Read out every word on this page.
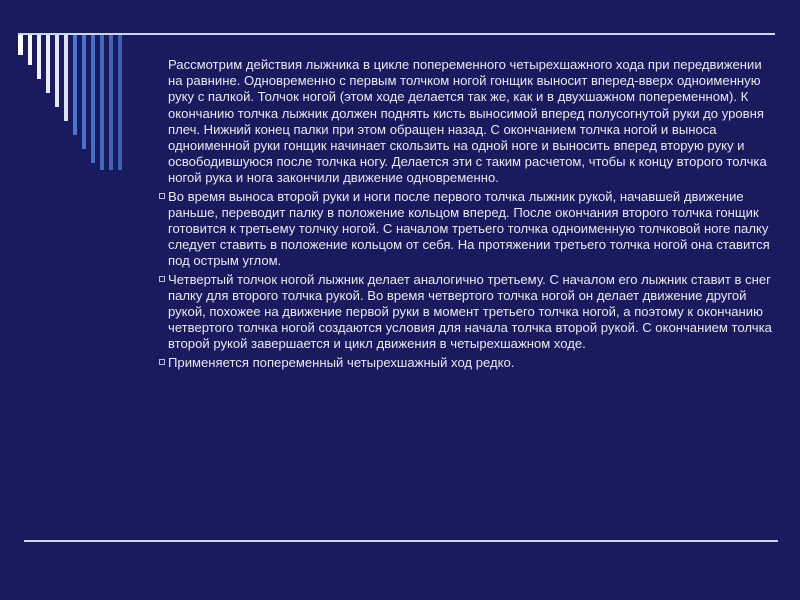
Рассмотрим действия лыжника в цикле попеременного четырехшажного хода при передвижении на равнине. Одновременно с первым толчком ногой гонщик выносит вперед-вверх одноименную руку с палкой. Толчок ногой (этом ходе делается так же, как и в двухшажном попеременном). К окончанию толчка лыжник должен поднять кисть выносимой вперед полусогнутой руки до уровня плеч. Нижний конец палки при этом обращен назад. С окончанием толчка ногой и выноса одноименной руки гонщик начинает скользить на одной ноге и выносить вперед вторую руку и освободившуюся после толчка ногу. Делается эти с таким расчетом, чтобы к концу второго толчка ногой рука и нога закончили движение одновременно.
Во время выноса второй руки и ноги после первого толчка лыжник рукой, начавшей движение раньше, переводит палку в положение кольцом вперед. После окончания второго толчка гонщик готовится к третьему толчку ногой. С началом третьего толчка одноименную толчковой ноге палку следует ставить в положение кольцом от себя. На протяжении третьего толчка ногой она ставится под острым углом.
Четвертый толчок ногой лыжник делает аналогично третьему. С началом его лыжник ставит в снег палку для второго толчка рукой. Во время четвертого толчка ногой он делает движение другой рукой, похожее на движение первой руки в момент третьего толчка ногой, а поэтому к окончанию четвертого толчка ногой создаются условия для начала толчка второй рукой. С окончанием толчка второй рукой завершается и цикл движения в четырехшажном ходе.
Применяется попеременный четырехшажный ход редко.
